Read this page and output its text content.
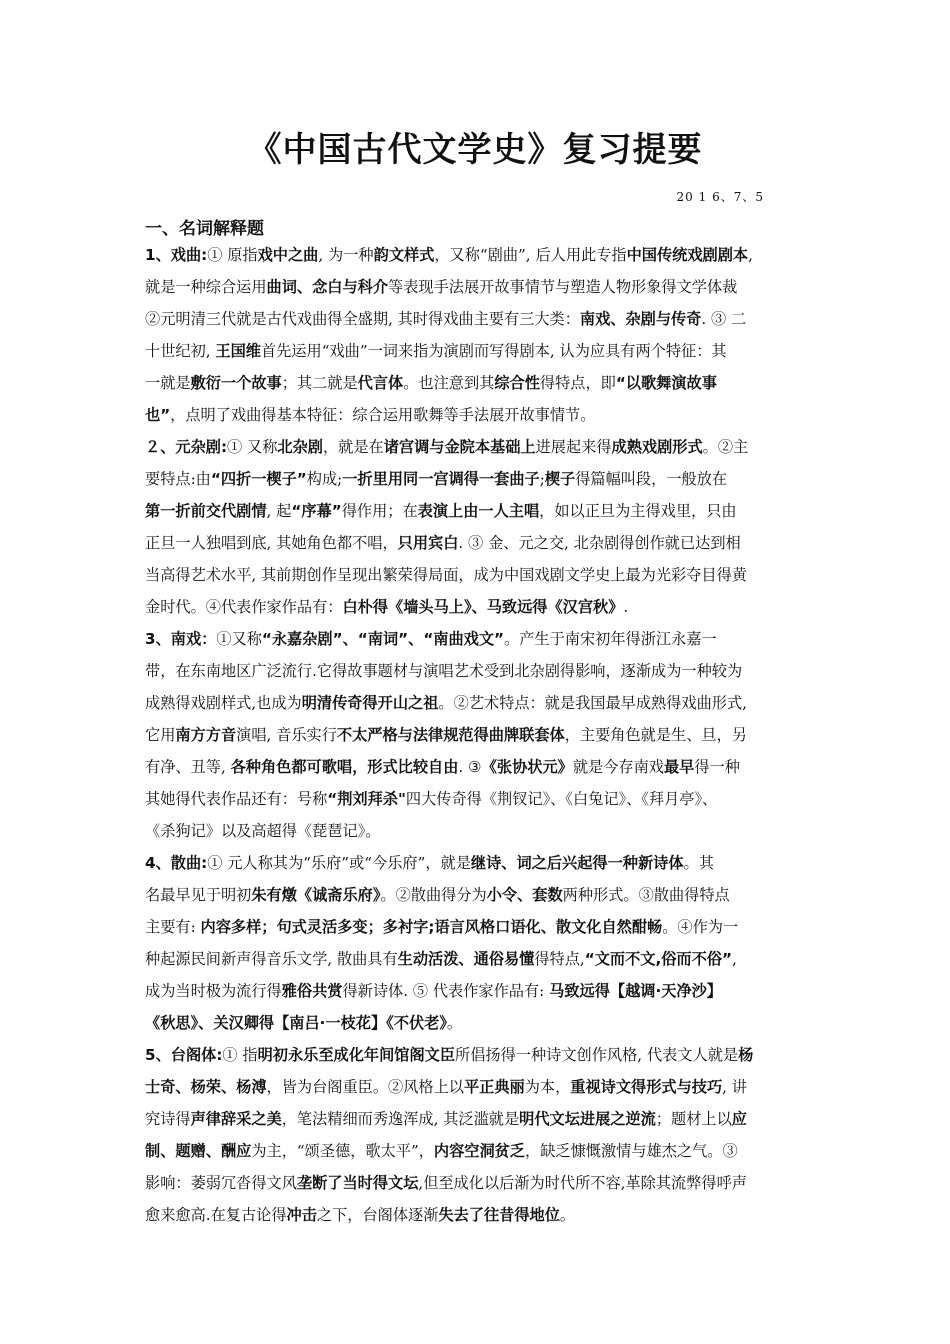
《中国古代文学史》复习提要
20 1 6、7、5
一、名词解释题

1、戏曲:① 原指戏中之曲, 为一种韵文样式，又称“剧曲”, 后人用此专指中国传统戏剧剧本,
就是一种综合运用曲词、念白与科介等表现手法展开故事情节与塑造人物形象得文学体裁
②元明清三代就是古代戏曲得全盛期, 其时得戏曲主要有三大类：南戏、杂剧与传奇. ③ 二
十世纪初, 王国维首先运用“戏曲”一词来指为演剧而写得剧本, 认为应具有两个特征：其
一就是敷衍一个故事；其二就是代言体。也注意到其综合性得特点，即“以歌舞演故事
也”，点明了戏曲得基本特征：综合运用歌舞等手法展开故事情节。

２、元杂剧:① 又称北杂剧，就是在诸宫调与金院本基础上进展起来得成熟戏剧形式。②主
要特点:由“四折一楔子”构成;一折里用同一宫调得一套曲子;楔子得篇幅叫段，一般放在
第一折前交代剧情, 起“序幕”得作用；在表演上由一人主唱，如以正旦为主得戏里，只由
正旦一人独唱到底, 其她角色都不唱，只用宾白. ③ 金、元之交, 北杂剧得创作就已达到相
当高得艺术水平, 其前期创作呈现出繁荣得局面，成为中国戏剧文学史上最为光彩夺目得黄
金时代。④代表作家作品有：白朴得《墙头马上》、马致远得《汉宫秋》.

3、南戏：①又称“永嘉杂剧”、“南词”、“南曲戏文”。产生于南宋初年得浙江永嘉一
带，在东南地区广泛流行.它得故事题材与演唱艺术受到北杂剧得影响，逐渐成为一种较为
成熟得戏剧样式,也成为明清传奇得开山之祖。②艺术特点：就是我国最早成熟得戏曲形式,
它用南方方音演唱, 音乐实行不太严格与法律规范得曲牌联套体，主要角色就是生、旦，另
有净、丑等, 各种角色都可歌唱，形式比较自由. ③《张协状元》就是今存南戏最早得一种
其她得代表作品还有：号称“荆刘拜杀"四大传奇得《荆钗记》、《白兔记》、《拜月亭》、
《杀狗记》以及高超得《琵琶记》。

4、散曲:① 元人称其为“乐府”或“今乐府”，就是继诗、词之后兴起得一种新诗体。其
名最早见于明初朱有燉《诚斋乐府》。②散曲得分为小令、套数两种形式。③散曲得特点
主要有: 内容多样；句式灵活多变；多衬字;语言风格口语化、散文化自然酣畅。④作为一
种起源民间新声得音乐文学, 散曲具有生动活泼、通俗易懂得特点,“文而不文,俗而不俗”,
成为当时极为流行得雅俗共赏得新诗体. ⑤ 代表作家作品有: 马致远得【越调·天净沙】
《秋思》、关汉卿得【南吕·一枝花】《不伏老》。

5、台阁体:① 指明初永乐至成化年间馆阁文臣所倡扬得一种诗文创作风格, 代表文人就是杨
士奇、杨荣、杨溥，皆为台阁重臣。②风格上以平正典丽为本，重视诗文得形式与技巧, 讲
究诗得声律辞采之美，笔法精细而秀逸浑成, 其泛滥就是明代文坛进展之逆流；题材上以应
制、题赠、酬应为主，“颂圣德，歌太平”，内容空洞贫乏，缺乏慷慨激情与雄杰之气。③
影响：萎弱冗沓得文风垄断了当时得文坛,但至成化以后渐为时代所不容,革除其流弊得呼声
愈来愈高.在复古论得冲击之下，台阁体逐渐失去了往昔得地位。
